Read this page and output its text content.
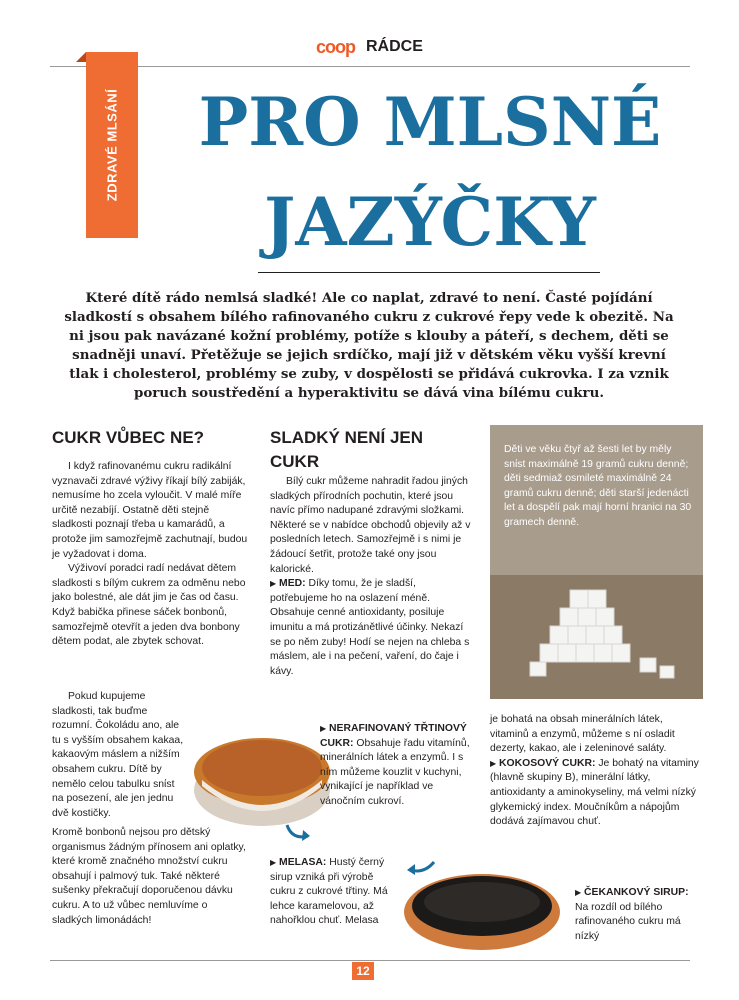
coop RÁDCE
ZDRAVÉ MLSÁNÍ	PRO MLSNÉ
JAZÝČKY
Které dítě rádo nemlsá sladké! Ale co naplat, zdravé to není. Časté pojídání sladkostí s obsahem bílého rafinovaného cukru z cukrové řepy vede k obezitě. Na ni jsou pak navázané kožní problémy, potíže s klouby a páteří, s dechem, děti se snadněji unaví. Přetěžuje se jejich srdíčko, mají již v dětském věku vyšší krevní tlak i cholesterol, problémy se zuby, v dospělosti se přidává cukrovka. I za vznik poruch soustředění a hyperaktivitu se dává vina bílému cukru.
CUKR VŮBEC NE?

I když rafinovanému cukru radikální vyznavači zdravé výživy říkají bílý zabiják, nemusíme ho zcela vyloučit. V malé míře určitě nezabíjí. Ostatně děti stejně sladkosti poznají třeba u kamarádů, a protože jim samozřejmě zachutnají, budou je vyžadovat i doma.

Výživoví poradci radí nedávat dětem sladkosti s bílým cukrem za odměnu nebo jako bolestné, ale dát jim je čas od času. Když babička přinese sáček bonbonů, samozřejmě otevřít a jeden dva bonbony dětem podat, ale zbytek schovat.

Pokud kupujeme sladkosti, tak buďme rozumní. Čokoládu ano, ale tu s vyšším obsahem kakaa, kakaovým máslem a nižším obsahem cukru. Dítě by nemělo celou tabulku snίst na posezení, ale jen jednu dvě kostičky.

Kromě bonbonů nejsou pro dětský organismus žádným přínosem ani oplatky, které kromě značného množství cukru obsahují i palmový tuk. Také některé sušenky překračují doporučenou dávku cukru. A to už vůbec nemluvíme o sladkých limonádách!

SLADKÝ NENÍ JEN CUKR

Bílý cukr můžeme nahradit řadou jiných sladkých přírodních pochutin, které jsou navíc přímo nadupané zdravými složkami. Některé se v nabídce obchodů objevily až v posledních letech. Samozřejmě i s nimi je žádoucí šetřit, protože také ony jsou kalorické.

▶ MED: Díky tomu, že je sladší, potřebujeme ho na oslazení méně. Obsahuje cenné antioxidanty, posiluje imunitu a má protizánětlivé účinky. Nekazí se po něm zuby! Hodí se nejen na chleba s máslem, ale i na pečení, vaření, do čaje i kávy.

▶ NERAFINOVANÝ TŘTINOVÝ CUKR: Obsahuje řadu vitamínů, minerálních látek a enzymů. I s ním můžeme kouzlit v kuchyni, vynikající je například ve vánočním cukroví.

▶ MELASA: Hustý černý sirup vzniká při výrobě cukru z cukrové třtiny. Má lehce karamelovou, až nahořklou chuť. Melasa

je bohatá na obsah minerálních látek, vitaminů a enzymů, můžeme s ní osladit dezerty, kakao, ale i zeleninové saláty.

▶ KOKOSOVÝ CUKR: Je bohatý na vitaminy (hlavně skupiny B), minerální látky, antioxidanty a aminokyseliny, má velmi nízký glykemický index. Moučníkům a nápojům dodává zajímavou chuť.

▶ ČEKANKOVÝ SIRUP: Na rozdíl od bílého rafinovaného cukru má nízký

Děti ve věku čtyř až šesti let by měly snίst maximálně 19 gramů cukru denně; děti sedmiaž osmileté maximálně 24 gramů cukru denně; děti starší jedenácti let a dospělí pak mají horní hranici na 30 gramech denně.
12
